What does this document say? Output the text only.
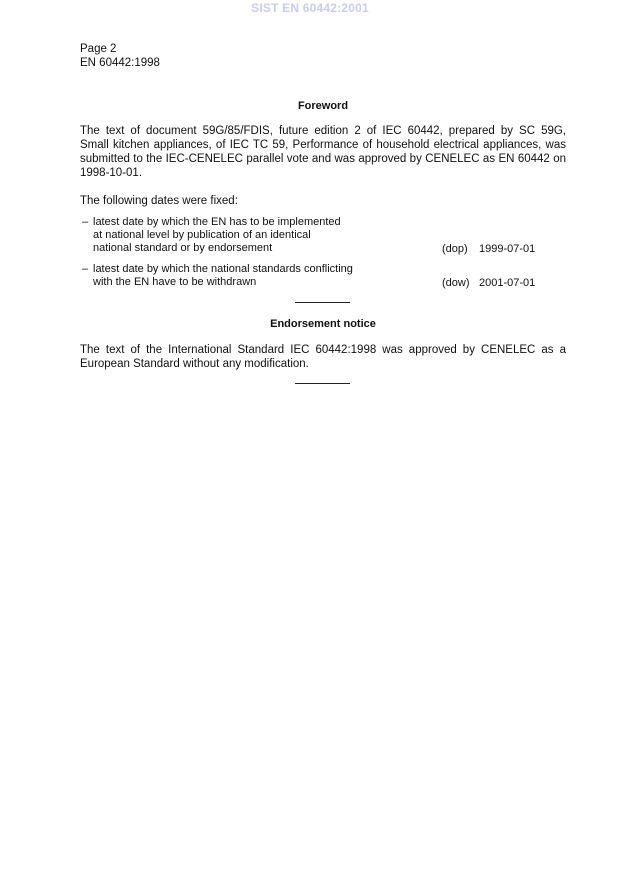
SIST EN 60442:2001
Page 2
EN 60442:1998
Foreword
The text of document 59G/85/FDIS, future edition 2 of IEC 60442, prepared by SC 59G,
Small kitchen appliances, of IEC TC 59, Performance of household electrical appliances, was
submitted to the IEC-CENELEC parallel vote and was approved by CENELEC as EN 60442 on
1998-10-01.
The following dates were fixed:
– latest date by which the EN has to be implemented
at national level by publication of an identical
national standard or by endorsement	(dop) 1999-07-01
– latest date by which the national standards conflicting
with the EN have to be withdrawn	(dow) 2001-07-01
Endorsement notice
The text of the International Standard IEC 60442:1998 was approved by CENELEC as a
European Standard without any modification.
